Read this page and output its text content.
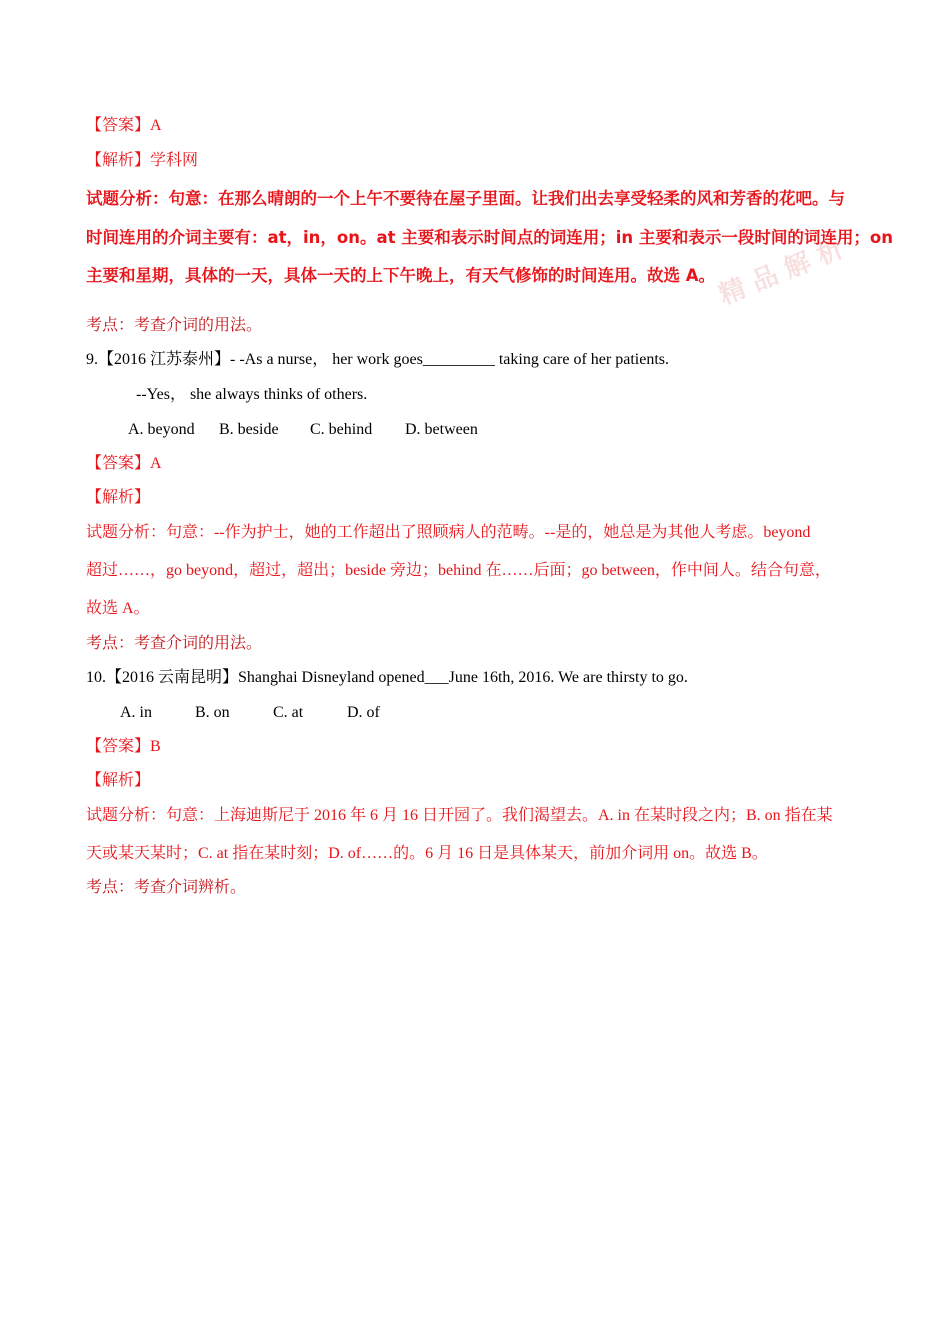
【答案】A
【解析】学科网
试题分析：句意：在那么晴朗的一个上午不要待在屋子里面。让我们出去享受轻柔的风和芳香的花吧。与
时间连用的介词主要有：at，in，on。at 主要和表示时间点的词连用；in 主要和表示一段时间的词连用；on
主要和星期，具体的一天，具体一天的上下午晚上，有天气修饰的时间连用。故选 A。 精 品 解 析
考点：考查介词的用法。
9.【2016 江苏泰州】- -As a nurse， her work goes_________ taking care of her patients.
--Yes， she always thinks of others.
A. beyond B. beside C. behind D. between
【答案】A
【解析】
试题分析：句意：--作为护士，她的工作超出了照顾病人的范畴。--是的，她总是为其他人考虑。beyond
超过……，go beyond，超过，超出；beside 旁边；behind 在……后面；go between，作中间人。结合句意，
故选 A。
考点：考查介词的用法。
10.【2016 云南昆明】Shanghai Disneyland opened___June 16th, 2016. We are thirsty to go.
A. in	B. on	C. at	D. of
【答案】B
【解析】
试题分析：句意：上海迪斯尼于 2016 年 6 月 16 日开园了。我们渴望去。A. in 在某时段之内；B. on 指在某
天或某天某时；C. at 指在某时刻；D. of……的。6 月 16 日是具体某天，前加介词用 on。故选 B。
考点：考查介词辨析。
